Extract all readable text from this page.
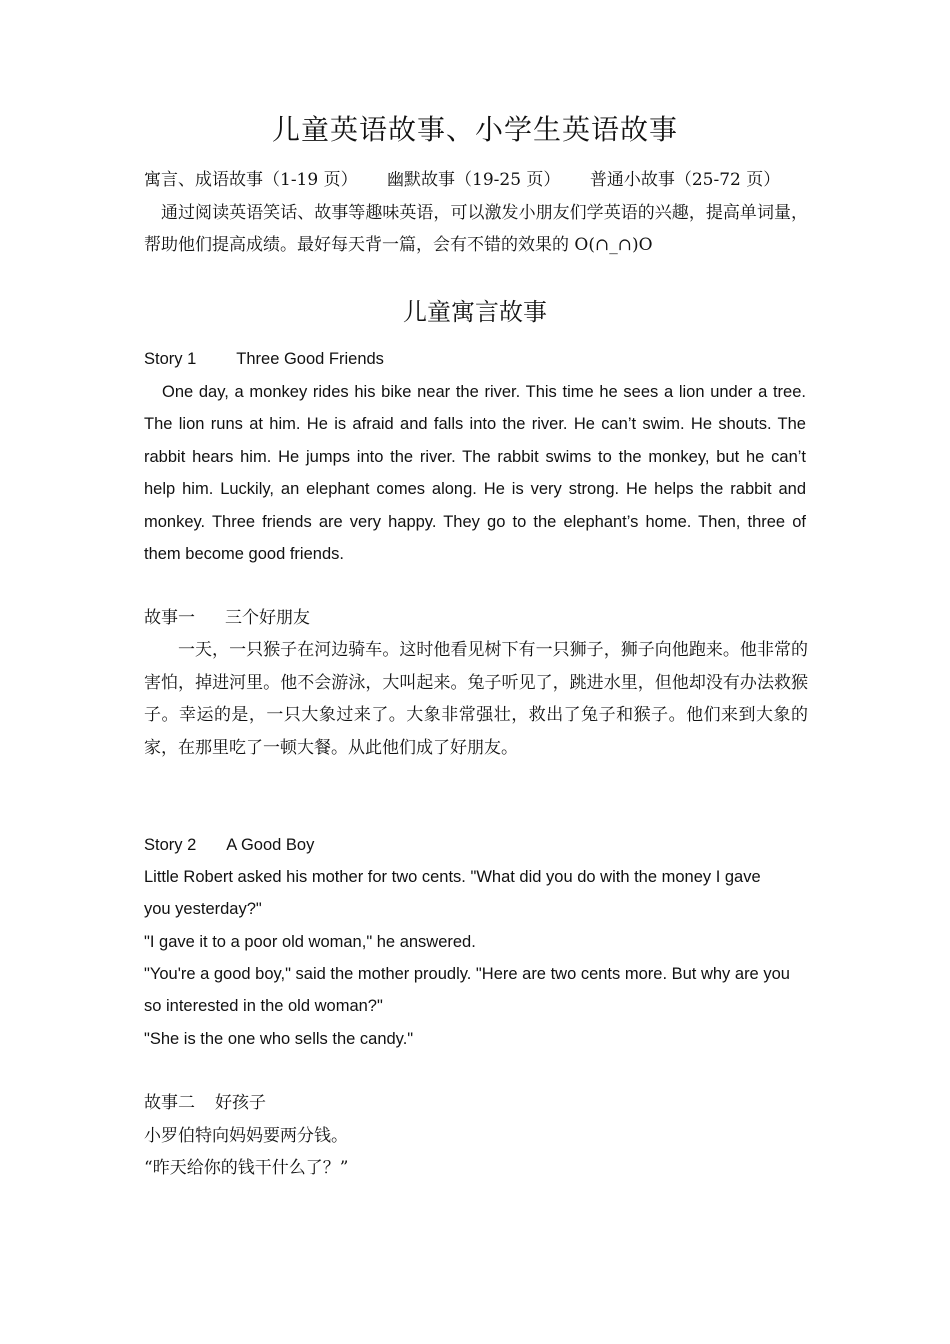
儿童英语故事、小学生英语故事
寓言、成语故事（1-19 页） 幽默故事（19-25 页） 普通小故事（25-72 页）
通过阅读英语笑话、故事等趣味英语，可以激发小朋友们学英语的兴趣，提高单词量，帮助他们提高成绩。最好每天背一篇，会有不错的效果的 O(∩_∩)O
儿童寓言故事
Story 1 Three Good Friends
One day, a monkey rides his bike near the river. This time he sees a lion under a tree. The lion runs at him. He is afraid and falls into the river. He can’t swim. He shouts. The rabbit hears him. He jumps into the river. The rabbit swims to the monkey, but he can’t help him. Luckily, an elephant comes along. He is very strong. He helps the rabbit and monkey. Three friends are very happy. They go to the elephant’s home. Then, three of them become good friends.
故事一 三个好朋友
一天，一只猴子在河边骑车。这时他看见树下有一只狮子，狮子向他跑来。他非常的害怕，掉进河里。他不会游泳，大叫起来。兔子听见了，跳进水里，但他却没有办法救猴子。幸运的是，一只大象过来了。大象非常强壮，救出了兔子和猴子。他们来到大象的家，在那里吃了一顿大餐。从此他们成了好朋友。
Story 2 A Good Boy
Little Robert asked his mother for two cents. "What did you do with the money I gave you yesterday?"
"I gave it to a poor old woman," he answered.
"You're a good boy," said the mother proudly. "Here are two cents more. But why are you so interested in the old woman?"
"She is the one who sells the candy."
故事二 好孩子
小罗伯特向妈妈要两分钱。
“昨天给你的钱干什么了？”
